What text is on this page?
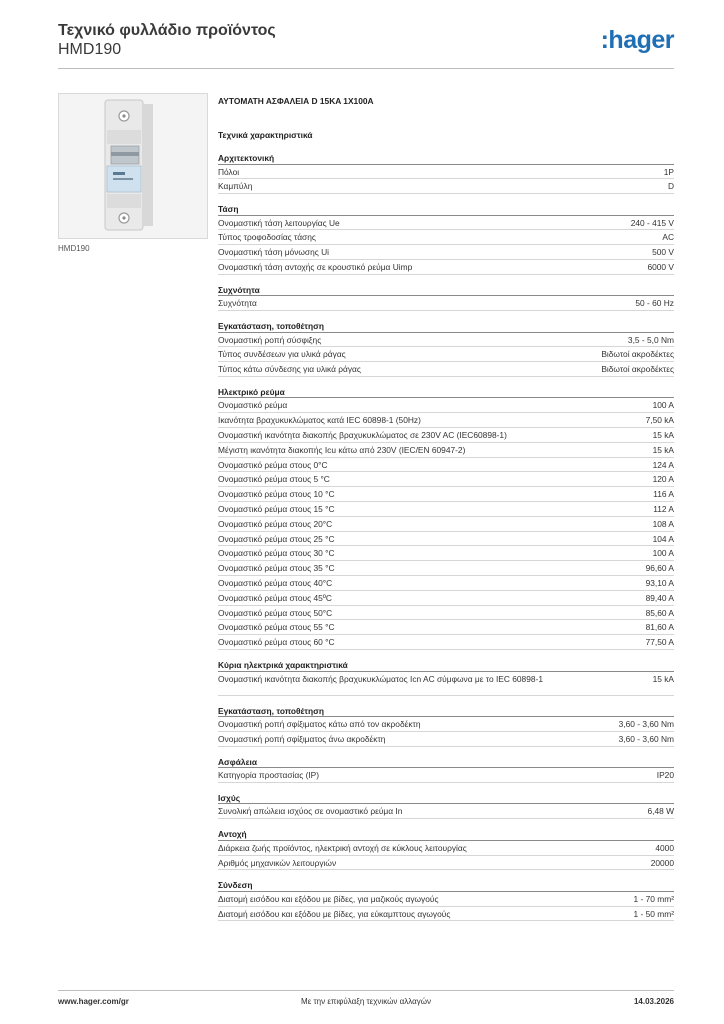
Τεχνικό φυλλάδιο προϊόντος
HMD190	:hager
HMD190
ΑΥΤΟΜΑΤΗ ΑΣΦΑΛΕΙΑ D 15KA 1X100A
Τεχνικά χαρακτηριστικά
Αρχιτεκτονική
Πόλοι	1P
Καμπύλη	D
Τάση
Ονομαστική τάση λειτουργίας Ue	240 - 415 V
Τύπος τροφοδοσίας τάσης	AC
Ονομαστική τάση μόνωσης Ui	500 V
Ονομαστική τάση αντοχής σε κρουστικό ρεύμα Uimp	6000 V
Συχνότητα
Συχνότητα	50 - 60 Hz
Εγκατάσταση, τοποθέτηση
Ονομαστική ροπή σύσφιξης	3,5 - 5,0 Nm
Τύπος συνδέσεων για υλικά ράγας	Βιδωτοί ακροδέκτες
Τύπος κάτω σύνδεσης για υλικά ράγας	Βιδωτοί ακροδέκτες
Ηλεκτρικό ρεύμα
Ονομαστικό ρεύμα	100 A
Ικανότητα βραχυκυκλώματος κατά IEC 60898-1 (50Hz)	7,50 kA
Ονομαστική ικανότητα διακοπής βραχυκυκλώματος σε 230V AC (IEC60898-1)	15 kA
Μέγιστη ικανότητα διακοπής Icu κάτω από 230V (IEC/EN 60947-2)	15 kA
Ονομαστικό ρεύμα στους 0°C	124 A
Ονομαστικό ρεύμα στους 5 °C	120 A
Ονομαστικό ρεύμα στους 10 °C	116 A
Ονομαστικό ρεύμα στους 15 °C	112 A
Ονομαστικό ρεύμα στους 20°C	108 A
Ονομαστικό ρεύμα στους 25 °C	104 A
Ονομαστικό ρεύμα στους 30 °C	100 A
Ονομαστικό ρεύμα στους 35 °C	96,60 A
Ονομαστικό ρεύμα στους 40°C	93,10 A
Ονομαστικό ρεύμα στους 45ºC	89,40 A
Ονομαστικό ρεύμα στους 50°C	85,60 A
Ονομαστικό ρεύμα στους 55 °C	81,60 A
Ονομαστικό ρεύμα στους 60 °C	77,50 A
Κύρια ηλεκτρικά χαρακτηριστικά
Ονομαστική ικανότητα διακοπής βραχυκυκλώματος Icn AC σύμφωνα με το IEC 60898-1	15 kA
Εγκατάσταση, τοποθέτηση
Ονομαστική ροπή σφίξιματος κάτω από τον ακροδέκτη	3,60 - 3,60 Nm
Ονομαστική ροπή σφίξιματος άνω ακροδέκτη	3,60 - 3,60 Nm
Ασφάλεια
Κατηγορία προστασίας (IP)	IP20
Ισχύς
Συνολική απώλεια ισχύος σε ονομαστικό ρεύμα In	6,48 W
Αντοχή
Διάρκεια ζωής προϊόντος, ηλεκτρική αντοχή σε κύκλους λειτουργίας	4000
Αριθμός μηχανικών λειτουργιών	20000
Σύνδεση
Διατομή εισόδου και εξόδου με βίδες, για μαζικούς αγωγούς	1 - 70 mm²
Διατομή εισόδου και εξόδου με βίδες, για εύκαμπτους αγωγούς	1 - 50 mm²
www.hager.com/gr	Με την επιφύλαξη τεχνικών αλλαγών	14.03.2026
